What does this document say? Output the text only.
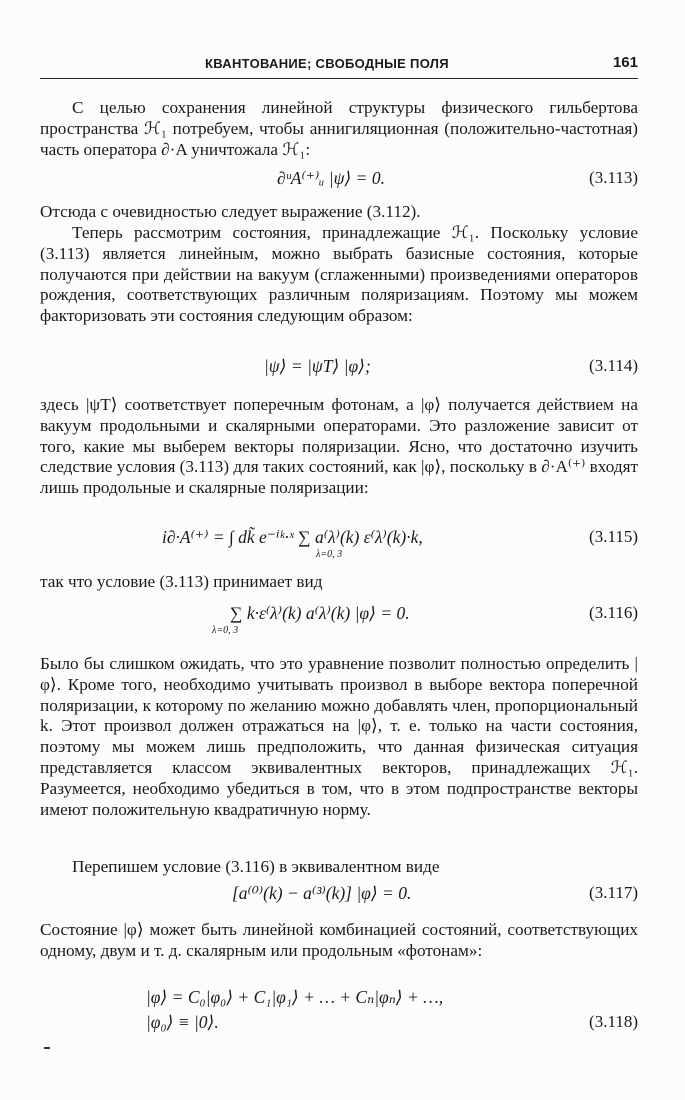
КВАНТОВАНИЕ; СВОБОДНЫЕ ПОЛЯ	161

С целью сохранения линейной структуры физического гильбертова пространства ℋ₁ потребуем, чтобы аннигиляционная (положительно-частотная) часть оператора ∂·A уничтожала ℋ₁:

∂ᵘA⁽⁺⁾ᵤ |ψ⟩ = 0.	(3.113)

Отсюда с очевидностью следует выражение (3.112).

Теперь рассмотрим состояния, принадлежащие ℋ₁. Поскольку условие (3.113) является линейным, можно выбрать базисные состояния, которые получаются при действии на вакуум (сглаженными) произведениями операторов рождения, соответствующих различным поляризациям. Поэтому мы можем факторизовать эти состояния следующим образом:

|ψ⟩ = |ψT⟩ |φ⟩;	(3.114)

здесь |ψT⟩ соответствует поперечным фотонам, а |φ⟩ получается действием на вакуум продольными и скалярными операторами. Это разложение зависит от того, какие мы выберем векторы поляризации. Ясно, что достаточно изучить следствие условия (3.113) для таких состояний, как |φ⟩, поскольку в ∂·A⁽⁺⁾ входят лишь продольные и скалярные поляризации:

i∂·A⁽⁺⁾ = ∫ dk̃ e⁻ⁱᵏ·ˣ ∑ a⁽λ⁾(k) ε⁽λ⁾(k)·k,
λ=0, 3
(3.115)

так что условие (3.113) принимает вид

∑ k·ε⁽λ⁾(k) a⁽λ⁾(k) |φ⟩ = 0.
λ=0, 3
(3.116)

Было бы слишком ожидать, что это уравнение позволит полностью определить |φ⟩. Кроме того, необходимо учитывать произвол в выборе вектора поперечной поляризации, к которому по желанию можно добавлять член, пропорциональный k. Этот произвол должен отражаться на |φ⟩, т. е. только на части состояния, поэтому мы можем лишь предположить, что данная физическая ситуация представляется классом эквивалентных векторов, принадлежащих ℋ₁. Разумеется, необходимо убедиться в том, что в этом подпространстве векторы имеют положительную квадратичную норму.

Перепишем условие (3.116) в эквивалентном виде

[a⁽⁰⁾(k) − a⁽³⁾(k)] |φ⟩ = 0.	(3.117)

Состояние |φ⟩ может быть линейной комбинацией состояний, соответствующих одному, двум и т. д. скалярным или продольным «фотонам»:

|φ⟩ = C₀|φ₀⟩ + C₁|φ₁⟩ + … + Cₙ|φₙ⟩ + …,
|φ₀⟩ ≡ |0⟩.	(3.118)
